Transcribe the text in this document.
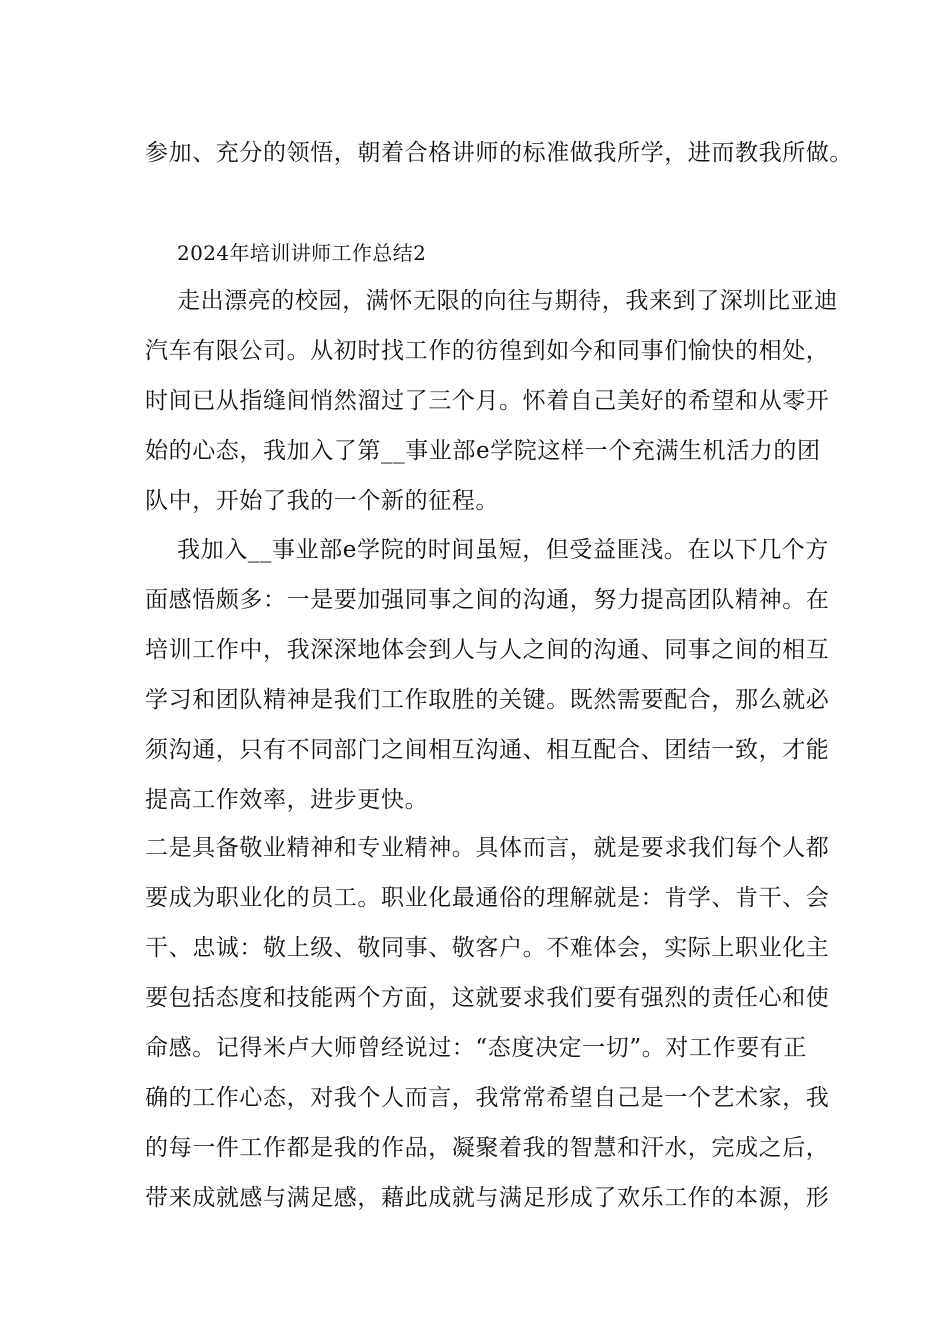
参加、充分的领悟，朝着合格讲师的标准做我所学，进而教我所做。
2024年培训讲师工作总结2
走出漂亮的校园，满怀无限的向往与期待，我来到了深圳比亚迪
汽车有限公司。从初时找工作的彷徨到如今和同事们愉快的相处，
时间已从指缝间悄然溜过了三个月。怀着自己美好的希望和从零开
始的心态，我加入了第__事业部e学院这样一个充满生机活力的团
队中，开始了我的一个新的征程。
我加入__事业部e学院的时间虽短，但受益匪浅。在以下几个方
面感悟颇多：一是要加强同事之间的沟通，努力提高团队精神。在
培训工作中，我深深地体会到人与人之间的沟通、同事之间的相互
学习和团队精神是我们工作取胜的关键。既然需要配合，那么就必
须沟通，只有不同部门之间相互沟通、相互配合、团结一致，才能
提高工作效率，进步更快。
二是具备敬业精神和专业精神。具体而言，就是要求我们每个人都
要成为职业化的员工。职业化最通俗的理解就是：肯学、肯干、会
干、忠诚：敬上级、敬同事、敬客户。不难体会，实际上职业化主
要包括态度和技能两个方面，这就要求我们要有强烈的责任心和使
命感。记得米卢大师曾经说过：“态度决定一切”。对工作要有正
确的工作心态，对我个人而言，我常常希望自己是一个艺术家，我
的每一件工作都是我的作品，凝聚着我的智慧和汗水，完成之后，
带来成就感与满足感，藉此成就与满足形成了欢乐工作的本源，形
